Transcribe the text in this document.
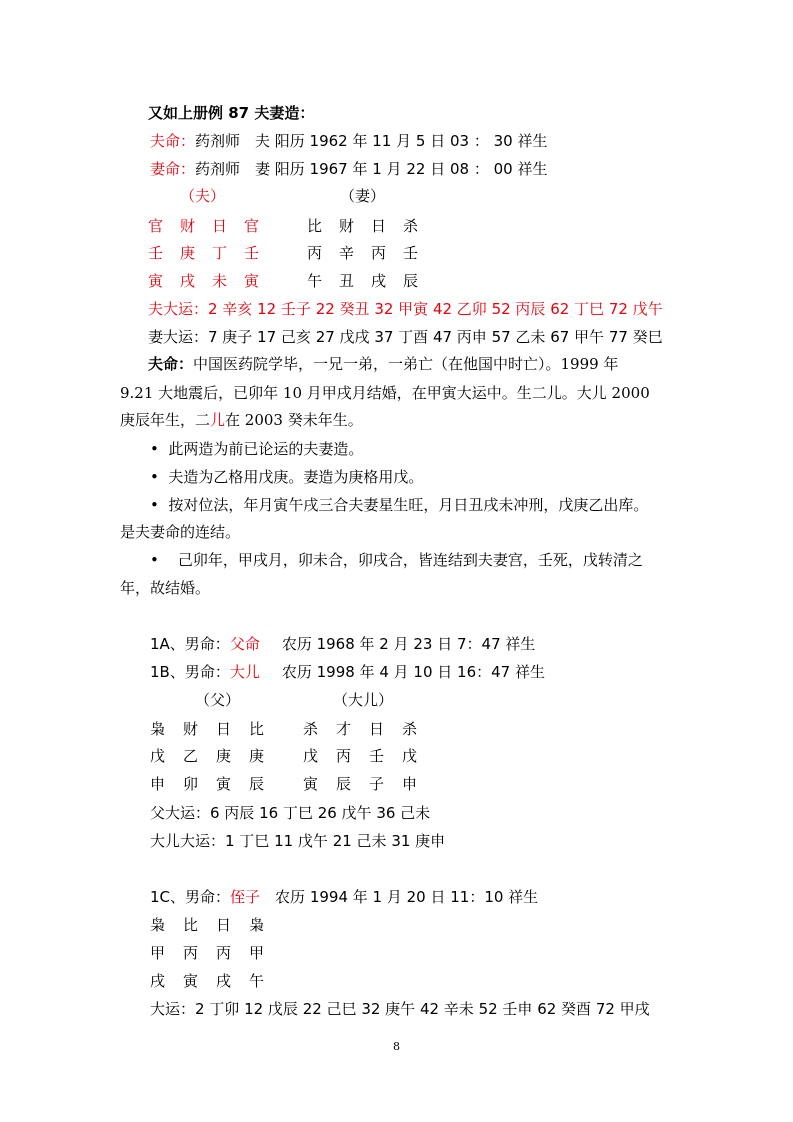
又如上册例 87 夫妻造：
夫命：药剂师　夫 阳历 1962 年 11 月 5 日 03 ： 30 祥生
妻命：药剂师　妻 阳历 1967 年 1 月 22 日 08 ： 00 祥生
（夫）	（妻）
官 财 日 官
壬 庚 丁 壬
寅 戌 未 寅
比 财 日 杀
丙 辛 丙 壬
午 丑 戌 辰
夫大运：2 辛亥 12 壬子 22 癸丑 32 甲寅 42 乙卯 52 丙辰 62 丁巳 72 戊午
妻大运：7 庚子 17 己亥 27 戊戌 37 丁酉 47 丙申 57 乙未 67 甲午 77 癸巳
夫命：中国医药院学毕，一兄一弟，一弟亡（在他国中时亡）。1999 年
9.21 大地震后，已卯年 10 月甲戌月结婚，在甲寅大运中。生二儿。大儿 2000
庚辰年生，二儿在 2003 癸未年生。
•  此两造为前已论运的夫妻造。
•  夫造为乙格用戊庚。妻造为庚格用戊。
•  按对位法，年月寅午戌三合夫妻星生旺，月日丑戌未冲刑，戊庚乙出库。
是夫妻命的连结。
•    己卯年，甲戌月，卯未合，卯戌合，皆连结到夫妻宫，壬死，戊转清之
年，故结婚。
1A、男命：父命 农历 1968 年 2 月 23 日 7：47 祥生
1B、男命：大儿 农历 1998 年 4 月 10 日 16：47 祥生
（父）	（大儿）
枭 财 日 比
戊 乙 庚 庚
申 卯 寅 辰
杀 才 日 杀
戊 丙 壬 戊
寅 辰 子 申
父大运：6 丙辰 16 丁巳 26 戊午 36 己未
大儿大运：1 丁巳 11 戊午 21 己未 31 庚申
1C、男命：侄子 农历 1994 年 1 月 20 日 11：10 祥生
枭 比 日 枭
甲 丙 丙 甲
戌 寅 戌 午
大运：2 丁卯 12 戊辰 22 己巳 32 庚午 42 辛未 52 壬申 62 癸酉 72 甲戌
8
